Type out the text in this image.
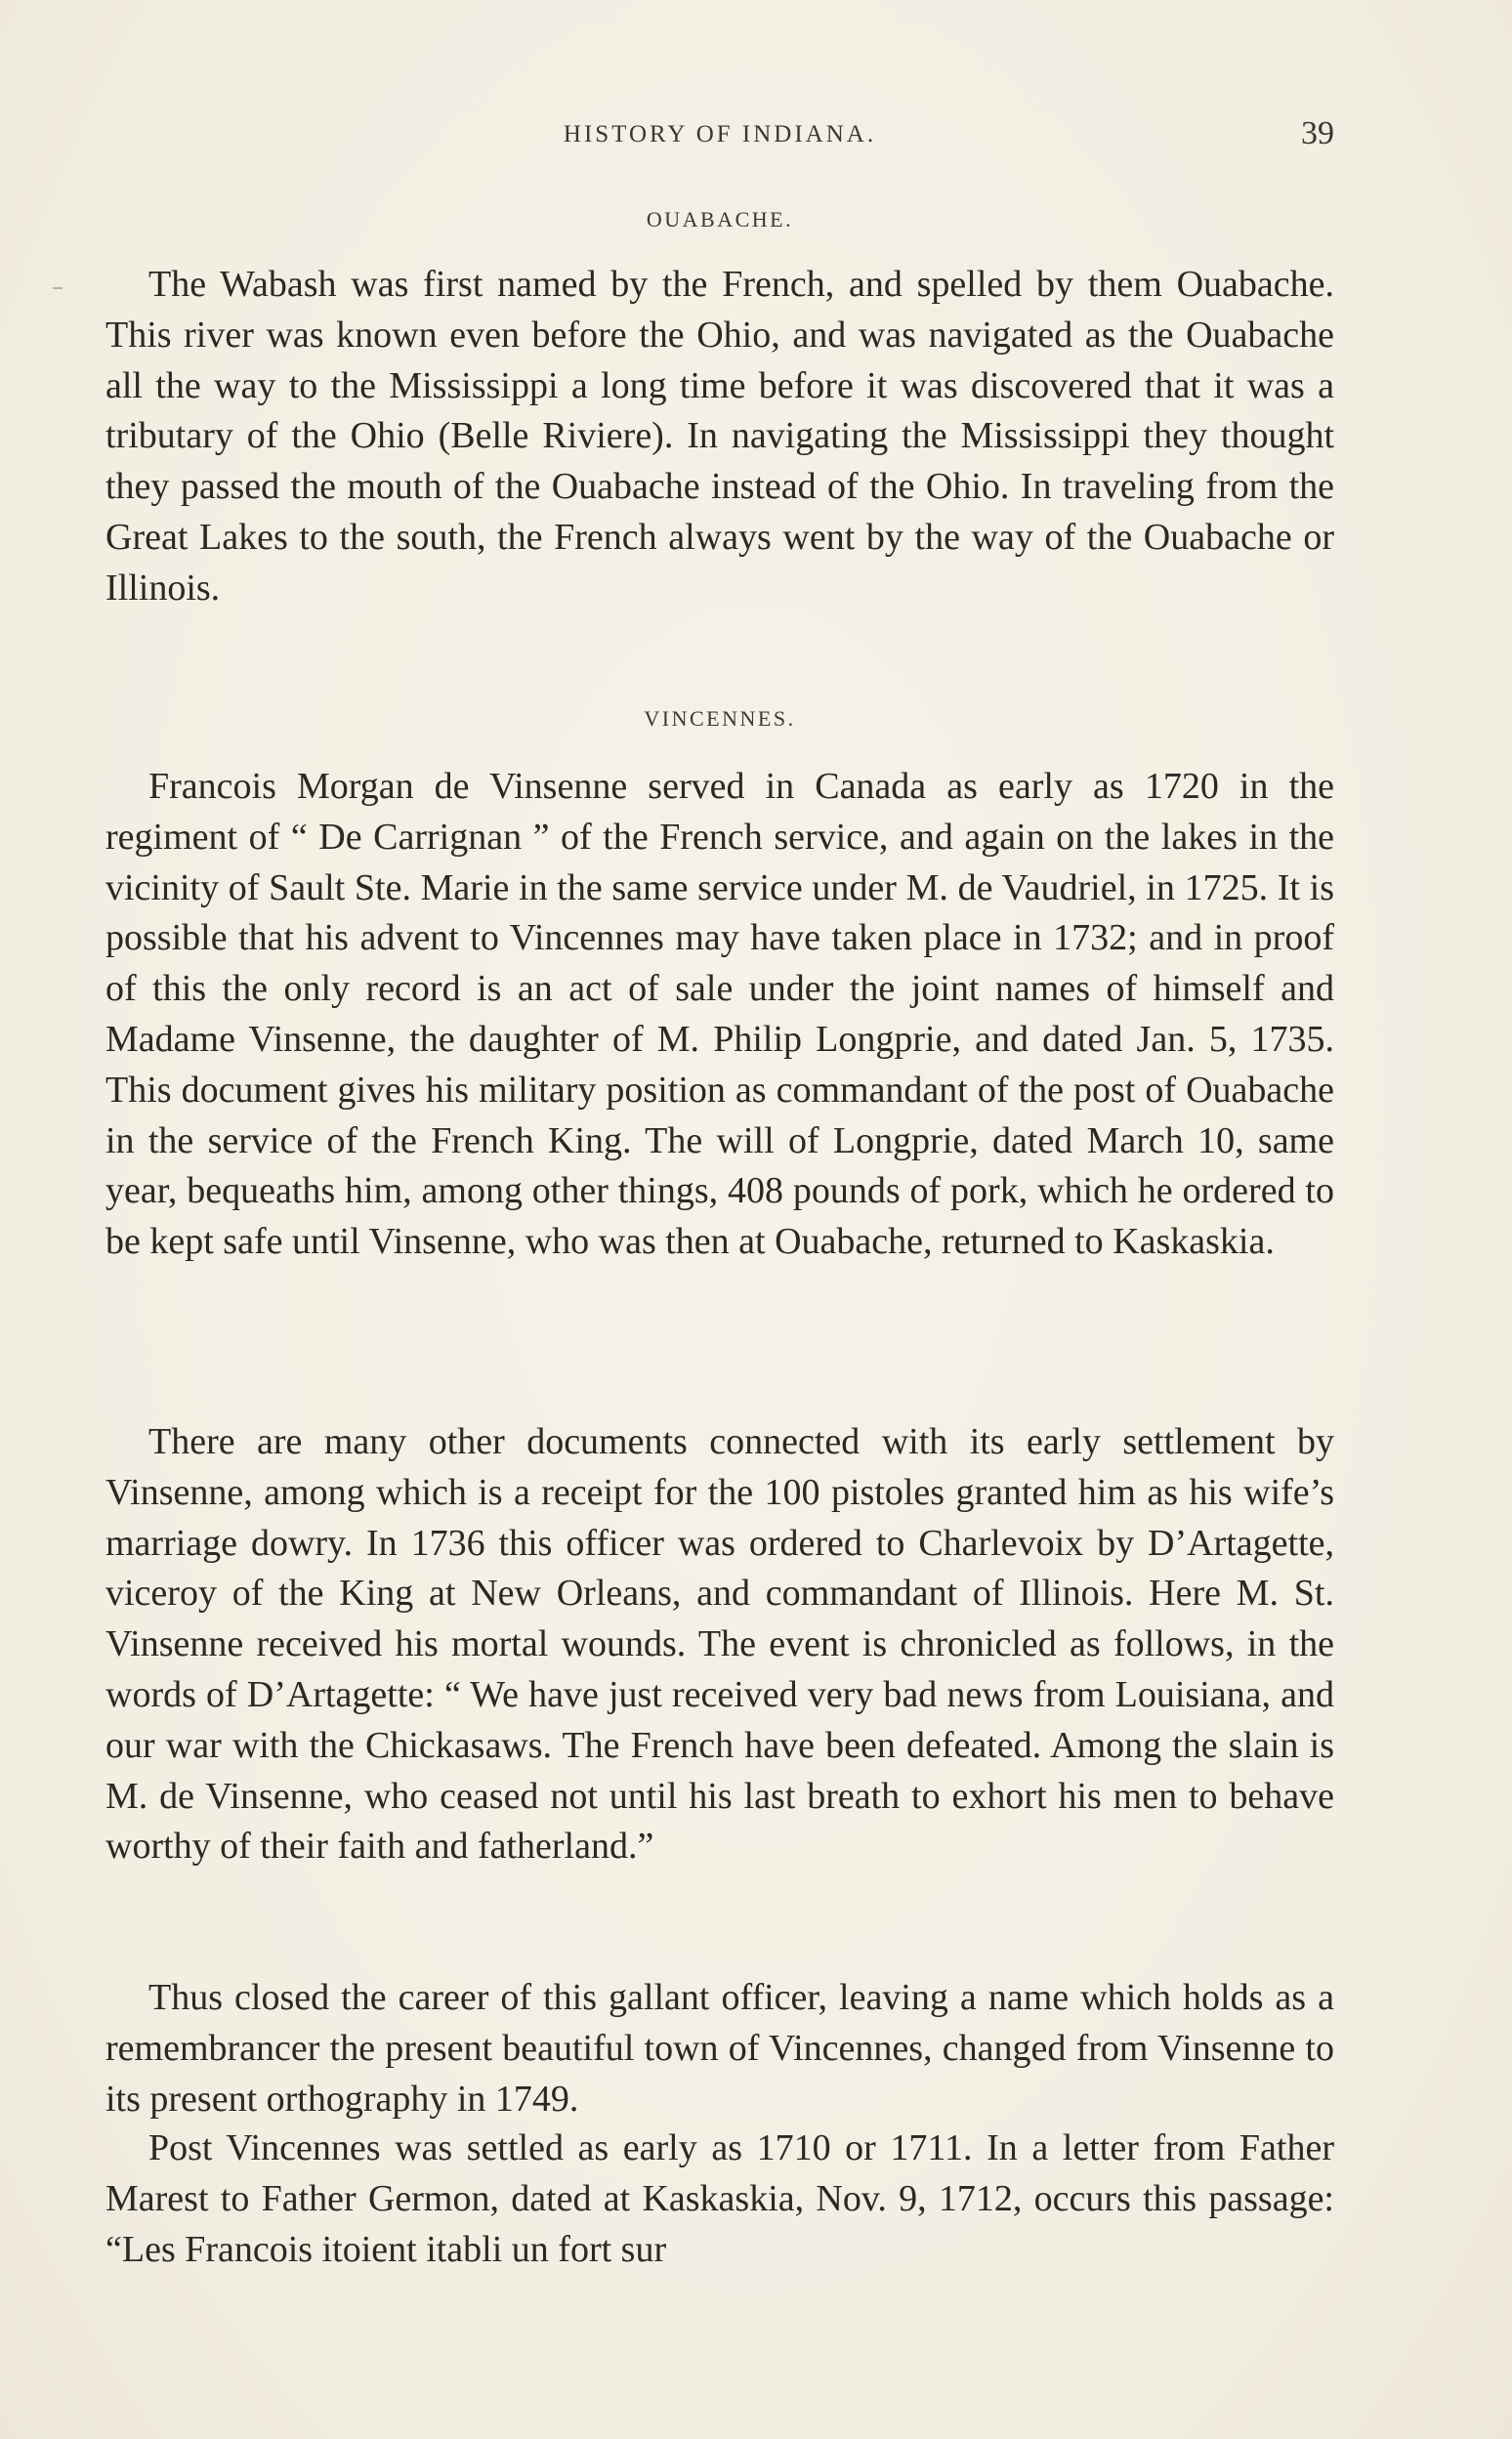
HISTORY OF INDIANA.	39
OUABACHE.

The Wabash was first named by the French, and spelled by them Ouabache. This river was known even before the Ohio, and was navigated as the Ouabache all the way to the Mississippi a long time before it was discovered that it was a tributary of the Ohio (Belle Riviere). In navigating the Mississippi they thought they passed the mouth of the Ouabache instead of the Ohio. In traveling from the Great Lakes to the south, the French always went by the way of the Ouabache or Illinois.

VINCENNES.

Francois Morgan de Vinsenne served in Canada as early as 1720 in the regiment of “ De Carrignan ” of the French service, and again on the lakes in the vicinity of Sault Ste. Marie in the same service under M. de Vaudriel, in 1725. It is possible that his advent to Vincennes may have taken place in 1732; and in proof of this the only record is an act of sale under the joint names of himself and Madame Vinsenne, the daughter of M. Philip Longprie, and dated Jan. 5, 1735. This document gives his military position as commandant of the post of Ouabache in the service of the French King. The will of Longprie, dated March 10, same year, bequeaths him, among other things, 408 pounds of pork, which he ordered to be kept safe until Vinsenne, who was then at Ouabache, returned to Kaskaskia.

There are many other documents connected with its early settlement by Vinsenne, among which is a receipt for the 100 pistoles granted him as his wife’s marriage dowry. In 1736 this officer was ordered to Charlevoix by D’Artagette, viceroy of the King at New Orleans, and commandant of Illinois. Here M. St. Vinsenne received his mortal wounds. The event is chronicled as follows, in the words of D’Artagette: “ We have just received very bad news from Louisiana, and our war with the Chickasaws. The French have been defeated. Among the slain is M. de Vinsenne, who ceased not until his last breath to exhort his men to behave worthy of their faith and fatherland.”

Thus closed the career of this gallant officer, leaving a name which holds as a remembrancer the present beautiful town of Vincennes, changed from Vinsenne to its present orthography in 1749.

Post Vincennes was settled as early as 1710 or 1711. In a letter from Father Marest to Father Germon, dated at Kaskaskia, Nov. 9, 1712, occurs this passage: “Les Francois itoient itabli un fort sur
